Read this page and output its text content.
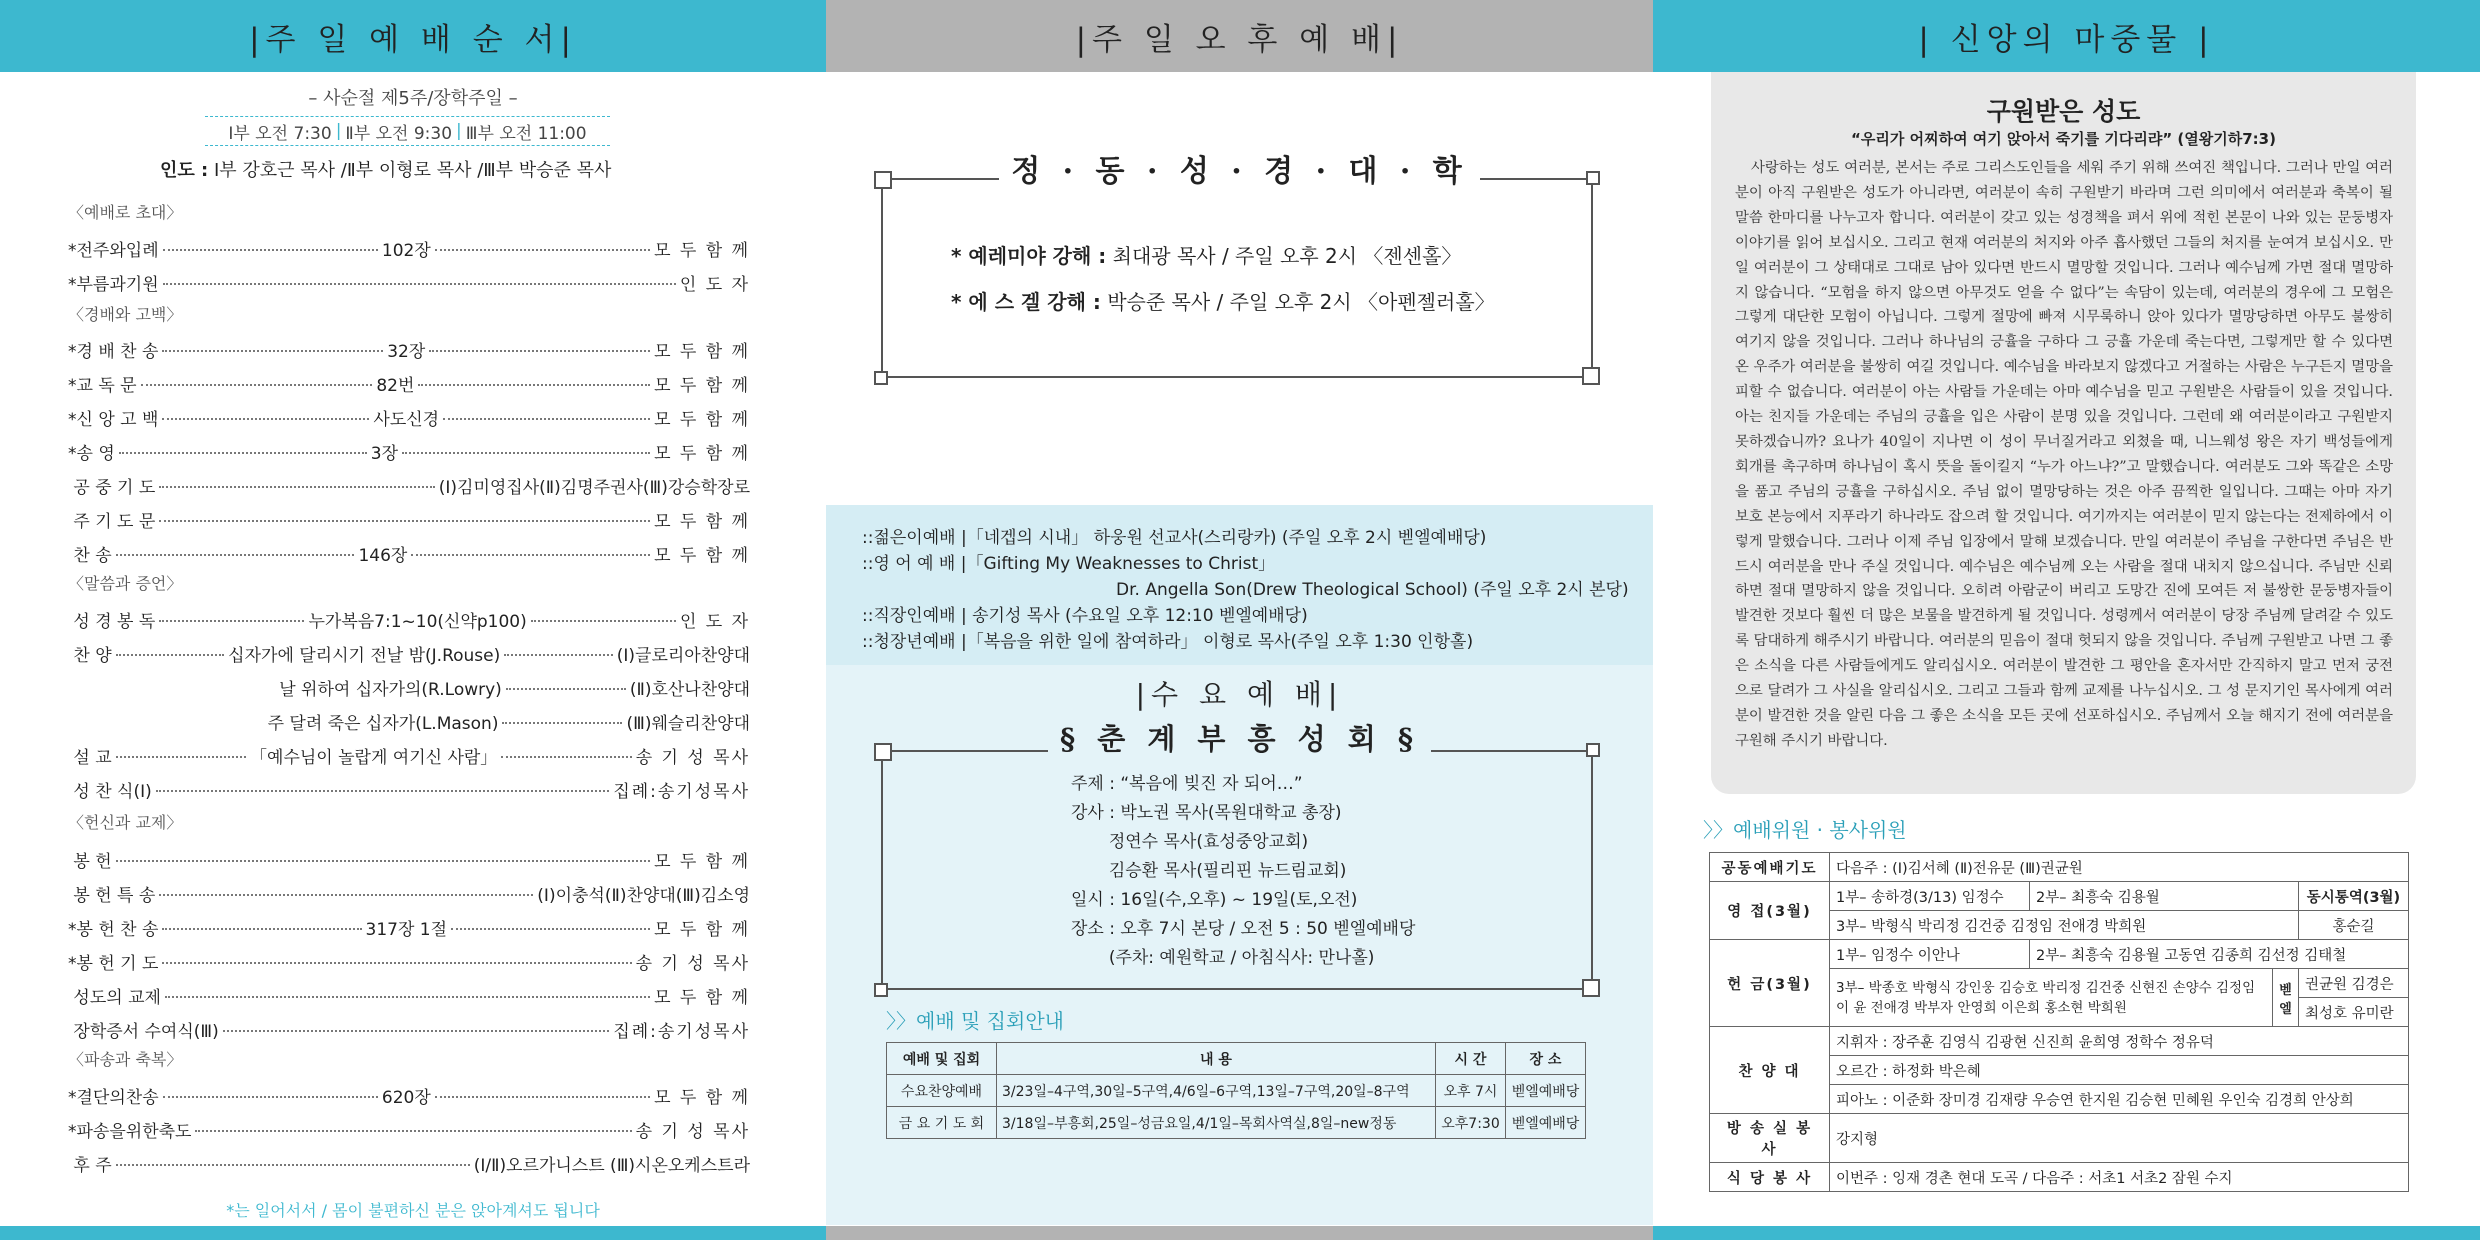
|주 일 예 배 순 서|
– 사순절 제5주/장학주일 –
Ⅰ부 오전 7:30 | Ⅱ부 오전 9:30 | Ⅲ부 오전 11:00
인도 : Ⅰ부 강호근 목사 /Ⅱ부 이형로 목사 /Ⅲ부 박승준 목사
〈예배로 초대〉
〈경배와 고백〉
〈말씀과 증언〉
〈헌신과 교제〉
〈파송과 축복〉
*전주와입례	102장	모 두 함 께
*부름과기원	인 도 자
*경 배 찬 송	32장	모 두 함 께
*교 독 문	82번	모 두 함 께
*신 앙 고 백	사도신경	모 두 함 께
*송 영	3장	모 두 함 께
공 중 기 도	(Ⅰ)김미영집사(Ⅱ)김명주권사(Ⅲ)강승학장로
주 기 도 문	모 두 함 께
찬 송	146장	모 두 함 께
성 경 봉 독	누가복음7:1~10(신약p100)	인 도 자
찬 양	십자가에 달리시기 전날 밤(J.Rouse)	(Ⅰ)글로리아찬양대
날 위하여 십자가의(R.Lowry)	(Ⅱ)호산나찬양대
주 달려 죽은 십자가(L.Mason)	(Ⅲ)웨슬리찬양대
설 교	「예수님이 놀랍게 여기신 사람」	송 기 성 목사
성 찬 식(Ⅰ)	집례:송기성목사
봉 헌	모 두 함 께
봉 헌 특 송	(Ⅰ)이충석(Ⅱ)찬양대(Ⅲ)김소영
*봉 헌 찬 송	317장 1절	모 두 함 께
*봉 헌 기 도	송 기 성 목사
성도의 교제	모 두 함 께
장학증서 수여식(Ⅲ)	집례:송기성목사
*결단의찬송	620장	모 두 함 께
*파송을위한축도	송 기 성 목사
후 주	(Ⅰ/Ⅱ)오르가니스트 (Ⅲ)시온오케스트라
*는 일어서서 / 몸이 불편하신 분은 앉아계셔도 됩니다
|주 일 오 후 예 배|
정 · 동 · 성 · 경 · 대 · 학
* 예레미야 강해 : 최대광 목사 / 주일 오후 2시 〈젠센홀〉
* 에 스 겔 강해 : 박승준 목사 / 주일 오후 2시 〈아펜젤러홀〉
::젊은이예배 |「네겝의 시내」 하웅원 선교사(스리랑카) (주일 오후 2시 벧엘예배당)
::영 어 예 배 |「Gifting My Weaknesses to Christ」
Dr. Angella Son(Drew Theological School) (주일 오후 2시 본당)
::직장인예배 | 송기성 목사 (수요일 오후 12:10 벧엘예배당)
::청장년예배 |「복음을 위한 일에 참여하라」 이형로 목사(주일 오후 1:30 인항홀)
|수 요 예 배|
§ 춘 계 부 흥 성 회 §
주제 : “복음에 빚진 자 되어…”
강사 : 박노권 목사(목원대학교 총장)
정연수 목사(효성중앙교회)
김승환 목사(필리핀 뉴드림교회)
일시 : 16일(수,오후) ~ 19일(토,오전)
장소 : 오후 7시 본당 / 오전 5 : 50 벧엘예배당
(주차: 예원학교 / 아침식사: 만나홀)
〉〉예배 및 집회안내
예배 및 집회	내 용	시 간	장 소
수요찬양예배	3/23일–4구역,30일–5구역,4/6일–6구역,13일–7구역,20일–8구역	오후 7시	벧엘예배당
금 요 기 도 회	3/18일–부흥회,25일–성금요일,4/1일–목회사역실,8일–new정동	오후7:30	벧엘예배당
| 신앙의 마중물 |
구원받은 성도
“우리가 어찌하여 여기 앉아서 죽기를 기다리랴” (열왕기하7:3)
사랑하는 성도 여러분, 본서는 주로 그리스도인들을 세워 주기 위해 쓰여진 책입니다. 그러나 만일 여러분이 아직 구원받은 성도가 아니라면, 여러분이 속히 구원받기 바라며 그런 의미에서 여러분과 축복이 될 말씀 한마디를 나누고자 합니다. 여러분이 갖고 있는 성경책을 펴서 위에 적힌 본문이 나와 있는 문둥병자 이야기를 읽어 보십시오. 그리고 현재 여러분의 처지와 아주 흡사했던 그들의 처지를 눈여겨 보십시오. 만일 여러분이 그 상태대로 그대로 남아 있다면 반드시 멸망할 것입니다. 그러나 예수님께 가면 절대 멸망하지 않습니다. “모험을 하지 않으면 아무것도 얻을 수 없다”는 속담이 있는데, 여러분의 경우에 그 모험은 그렇게 대단한 모험이 아닙니다. 그렇게 절망에 빠져 시무룩하니 앉아 있다가 멸망당하면 아무도 불쌍히 여기지 않을 것입니다. 그러나 하나님의 긍휼을 구하다 그 긍휼 가운데 죽는다면, 그렇게만 할 수 있다면 온 우주가 여러분을 불쌍히 여길 것입니다. 예수님을 바라보지 않겠다고 거절하는 사람은 누구든지 멸망을 피할 수 없습니다. 여러분이 아는 사람들 가운데는 아마 예수님을 믿고 구원받은 사람들이 있을 것입니다. 아는 친지들 가운데는 주님의 긍휼을 입은 사람이 분명 있을 것입니다. 그런데 왜 여러분이라고 구원받지 못하겠습니까? 요나가 40일이 지나면 이 성이 무너질거라고 외쳤을 때, 니느웨성 왕은 자기 백성들에게 회개를 촉구하며 하나님이 혹시 뜻을 돌이킬지 “누가 아느냐?”고 말했습니다. 여러분도 그와 똑같은 소망을 품고 주님의 긍휼을 구하십시오. 주님 없이 멸망당하는 것은 아주 끔찍한 일입니다. 그때는 아마 자기 보호 본능에서 지푸라기 하나라도 잡으려 할 것입니다. 여기까지는 여러분이 믿지 않는다는 전제하에서 이렇게 말했습니다. 그러나 이제 주님 입장에서 말해 보겠습니다. 만일 여러분이 주님을 구한다면 주님은 반드시 여러분을 만나 주실 것입니다. 예수님은 예수님께 오는 사람을 절대 내치지 않으십니다. 주님만 신뢰하면 절대 멸망하지 않을 것입니다. 오히려 아람군이 버리고 도망간 진에 모여든 저 불쌍한 문둥병자들이 발견한 것보다 훨씬 더 많은 보물을 발견하게 될 것입니다. 성령께서 여러분이 당장 주님께 달려갈 수 있도록 담대하게 해주시기 바랍니다. 여러분의 믿음이 절대 헛되지 않을 것입니다. 주님께 구원받고 나면 그 좋은 소식을 다른 사람들에게도 알리십시오. 여러분이 발견한 그 평안을 혼자서만 간직하지 말고 먼저 궁전으로 달려가 그 사실을 알리십시오. 그리고 그들과 함께 교제를 나누십시오. 그 성 문지기인 목사에게 여러분이 발견한 것을 알린 다음 그 좋은 소식을 모든 곳에 선포하십시오. 주님께서 오늘 해지기 전에 여러분을 구원해 주시기 바랍니다.
〉〉예배위원 · 봉사위원
공동예배기도	다음주 : (Ⅰ)김서혜 (Ⅱ)전유문 (Ⅲ)권균원			
영 접(3월)	1부– 송하경(3/13) 임정수	2부– 최흥숙 김용월		동시통역(3월)
	3부– 박형식 박리정 김건중 김정임 전애경 박희원			홍순길
헌 금(3월)	1부– 임정수 이안나	2부– 최흥숙 김용월 고동연 김종희 김선정 김태철		
	3부– 박종호 박형식 강인웅 김승호 박리정 김건중 신현진 손양수 김정임 이 윤 전애경 박부자 안영희 이은희 홍소현 박희원		벧엘	권균원 김경은
				최성호 유미란
찬 양 대	지휘자 : 장주훈 김영식 김광현 신진희 윤희영 정학수 정유덕			
	오르간 : 하정화 박은혜			
	피아노 : 이준화 장미경 김재량 우승연 한지원 김승현 민혜원 우인숙 김경희 안상희			
방 송 실 봉 사	강지형			
식 당 봉 사	이번주 : 잉재 경촌 현대 도곡 / 다음주 : 서초1 서초2 잠원 수지			
